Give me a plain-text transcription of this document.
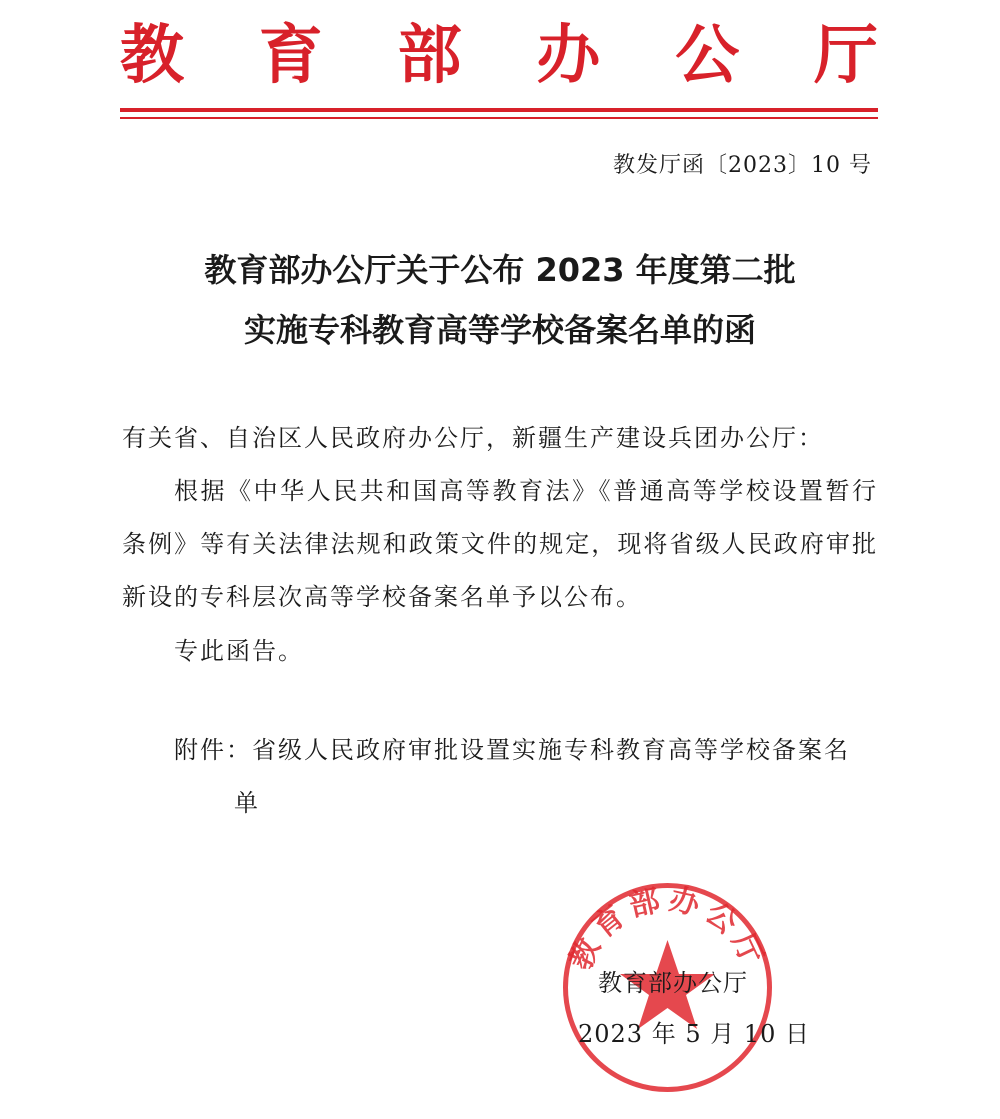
教 育 部 办 公 厅
教发厅函〔2023〕10 号
教育部办公厅关于公布 2023 年度第二批
实施专科教育高等学校备案名单的函
有关省、自治区人民政府办公厅，新疆生产建设兵团办公厅：
根据《中华人民共和国高等教育法》《普通高等学校设置暂行条例》等有关法律法规和政策文件的规定，现将省级人民政府审批新设的专科层次高等学校备案名单予以公布。
专此函告。
附件：省级人民政府审批设置实施专科教育高等学校备案名
单
教育部办公厅
教育部办公厅
2023 年 5 月 10 日
